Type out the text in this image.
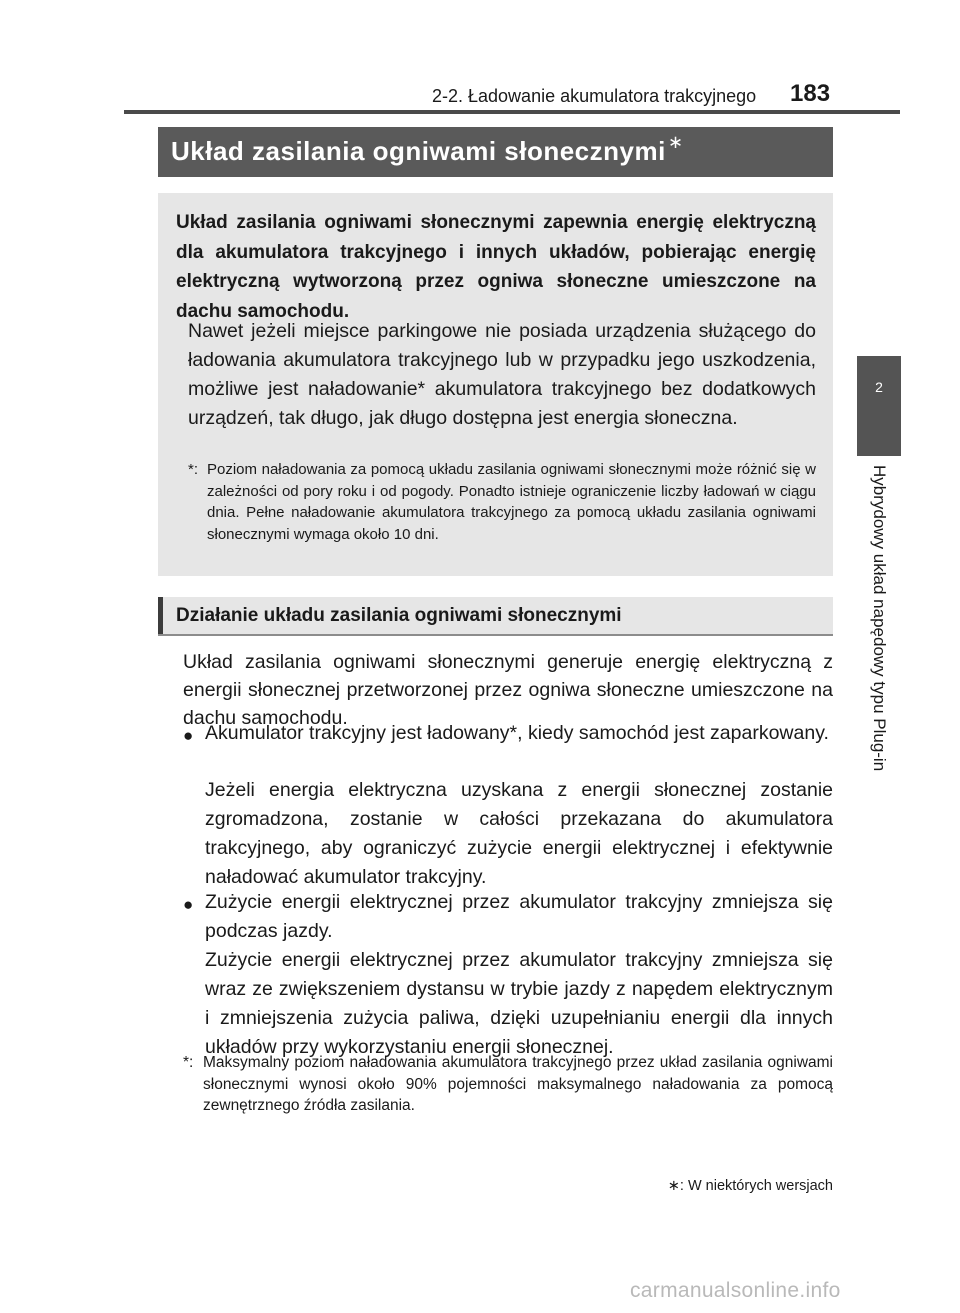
2-2. Ładowanie akumulatora trakcyjnego 183
2
Hybrydowy układ napędowy typu Plug-in
Układ zasilania ogniwami słonecznymi ∗

Układ zasilania ogniwami słonecznymi zapewnia energię elektryczną dla akumulatora trakcyjnego i innych układów, pobierając energię elektryczną wytworzoną przez ogniwa słoneczne umieszczone na dachu samochodu.

Nawet jeżeli miejsce parkingowe nie posiada urządzenia służącego do ładowania akumulatora trakcyjnego lub w przypadku jego uszkodzenia, możliwe jest naładowanie* akumulatora trakcyjnego bez dodatkowych urządzeń, tak długo, jak długo dostępna jest energia słoneczna.

*: Poziom naładowania za pomocą układu zasilania ogniwami słonecznymi może różnić się w zależności od pory roku i od pogody. Ponadto istnieje ograniczenie liczby ładowań w ciągu dnia. Pełne naładowanie akumulatora trakcyjnego za pomocą układu zasilania ogniwami słonecznymi wymaga około 10 dni.

Działanie układu zasilania ogniwami słonecznymi

Układ zasilania ogniwami słonecznymi generuje energię elektryczną z energii słonecznej przetworzonej przez ogniwa słoneczne umieszczone na dachu samochodu.

● Akumulator trakcyjny jest ładowany*, kiedy samochód jest zaparkowany.

Jeżeli energia elektryczna uzyskana z energii słonecznej zostanie zgromadzona, zostanie w całości przekazana do akumulatora trakcyjnego, aby ograniczyć zużycie energii elektrycznej i efektywnie naładować akumulator trakcyjny.

● Zużycie energii elektrycznej przez akumulator trakcyjny zmniejsza się podczas jazdy.

Zużycie energii elektrycznej przez akumulator trakcyjny zmniejsza się wraz ze zwiększeniem dystansu w trybie jazdy z napędem elektrycznym i zmniejszenia zużycia paliwa, dzięki uzupełnianiu energii dla innych układów przy wykorzystaniu energii słonecznej.

*: Maksymalny poziom naładowania akumulatora trakcyjnego przez układ zasilania ogniwami słonecznymi wynosi około 90% pojemności maksymalnego naładowania za pomocą zewnętrznego źródła zasilania.

∗: W niektórych wersjach
carmanualsonline.info
